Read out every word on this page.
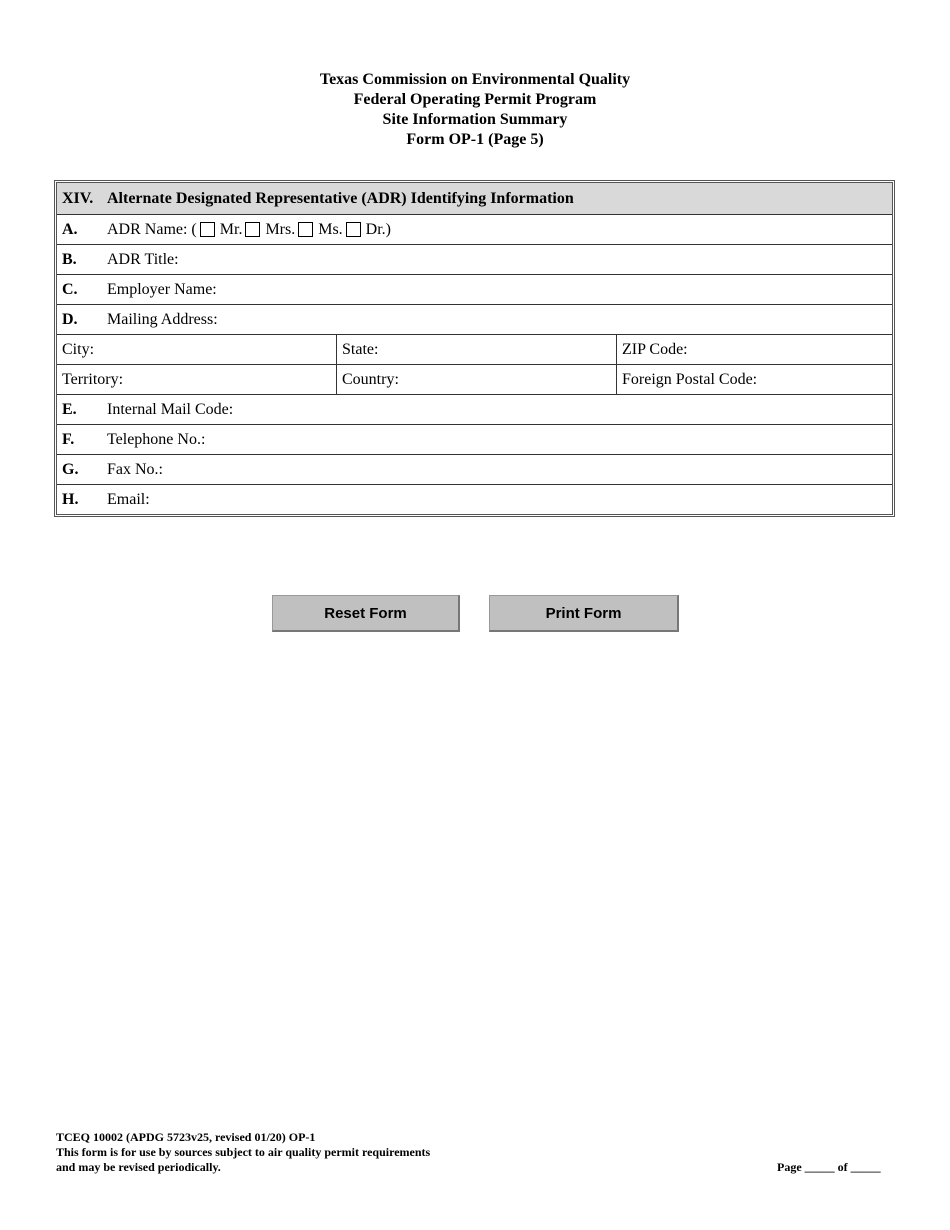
Texas Commission on Environmental Quality
Federal Operating Permit Program
Site Information Summary
Form OP-1 (Page 5)
XIV. Alternate Designated Representative (ADR) Identifying Information
A.	ADR Name: ( Mr. Mrs. Ms. Dr.)
B.	ADR Title:
C.	Employer Name:
D.	Mailing Address:
City:	State:	ZIP Code:
Territory:	Country:	Foreign Postal Code:
E.	Internal Mail Code:
F.	Telephone No.:
G.	Fax No.:
H.	Email:
Reset Form	Print Form
TCEQ 10002 (APDG 5723v25, revised 01/20) OP-1
This form is for use by sources subject to air quality permit requirements
and may be revised periodically.	Page _____ of _____
